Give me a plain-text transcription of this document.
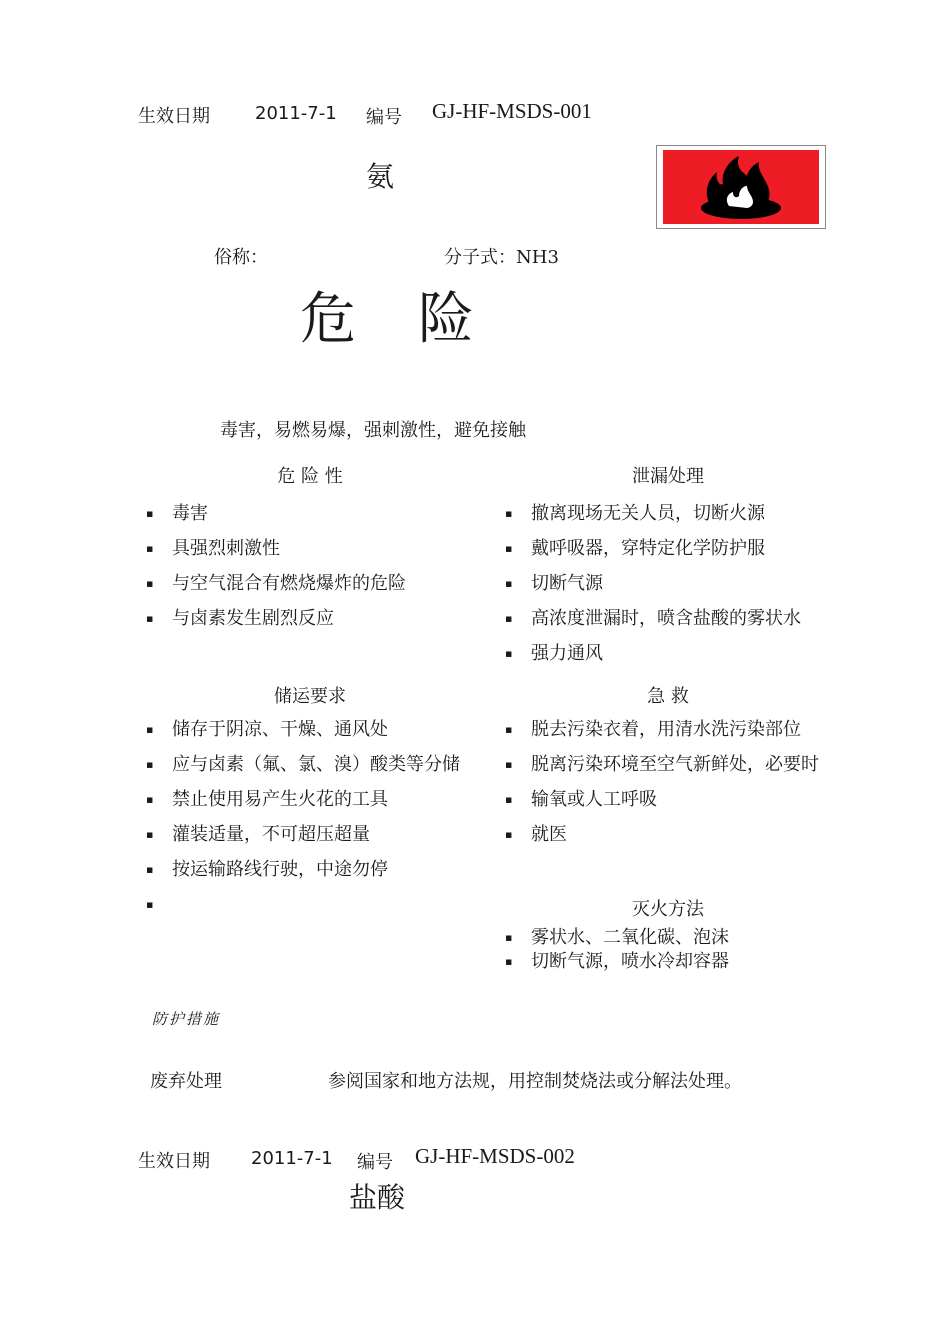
生效日期	2011-7-1 编号 GJ-HF-MSDS-001
氨
俗称：	分子式：NH3
危险
毒害，易燃易爆，强刺激性，避免接触
危 险 性
▪ 毒害
▪ 具强烈刺激性
▪ 与空气混合有燃烧爆炸的危险
▪ 与卤素发生剧烈反应
泄漏处理
▪ 撤离现场无关人员，切断火源
▪ 戴呼吸器，穿特定化学防护服
▪ 切断气源
▪ 高浓度泄漏时，喷含盐酸的雾状水
▪ 强力通风
储运要求
▪ 储存于阴凉、干燥、通风处
▪ 应与卤素（氟、氯、溴）酸类等分储
▪ 禁止使用易产生火花的工具
▪ 灌装适量，不可超压超量
▪ 按运输路线行驶，中途勿停
▪
急 救
▪ 脱去污染衣着，用清水洗污染部位
▪ 脱离污染环境至空气新鲜处，必要时
▪ 输氧或人工呼吸
▪ 就医
灭火方法
▪ 雾状水、二氧化碳、泡沫
▪ 切断气源，喷水冷却容器
防护措施
废弃处理	参阅国家和地方法规，用控制焚烧法或分解法处理。
生效日期 2011-7-1 编号 GJ-HF-MSDS-002
盐酸
